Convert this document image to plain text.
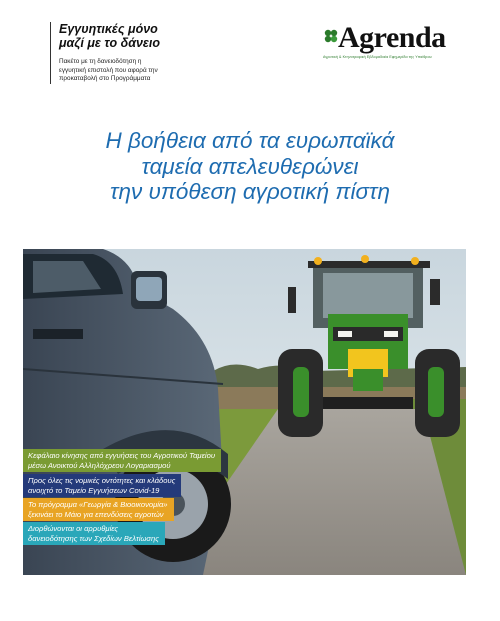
Εγγυητικές μόνο
μαζί με το δάνειο
Πακέτο με τη δανειοδότηση η
εγγυητική επιστολή που αφορά την
προκαταβολή στο Προγράμματα
Agrenda
Αγροτική & Κτηνοτροφική Εβδομαδιαία Εφημερίδα της Υπαίθρου
Η βοήθεια από τα ευρωπαϊκά
ταμεία απελευθερώνει
την υπόθεση αγροτική πίστη
Κεφάλαιο κίνησης από εγγυήσεις του Αγροτικού Ταμείου
μέσω Ανοικτού Αλληλόχρεου Λογαριασμού
Προς όλες τις νομικές οντότητες και κλάδους
ανοιχτό το Ταμείο Εγγυήσεων Covid-19
Το πρόγραμμα «Γεωργία & Βιοοικονομία»
ξεκινάει το Μάιο για επενδύσεις αγροτών
Διορθώνονται οι αρρυθμίες
δανειοδότησης των Σχεδίων Βελτίωσης
